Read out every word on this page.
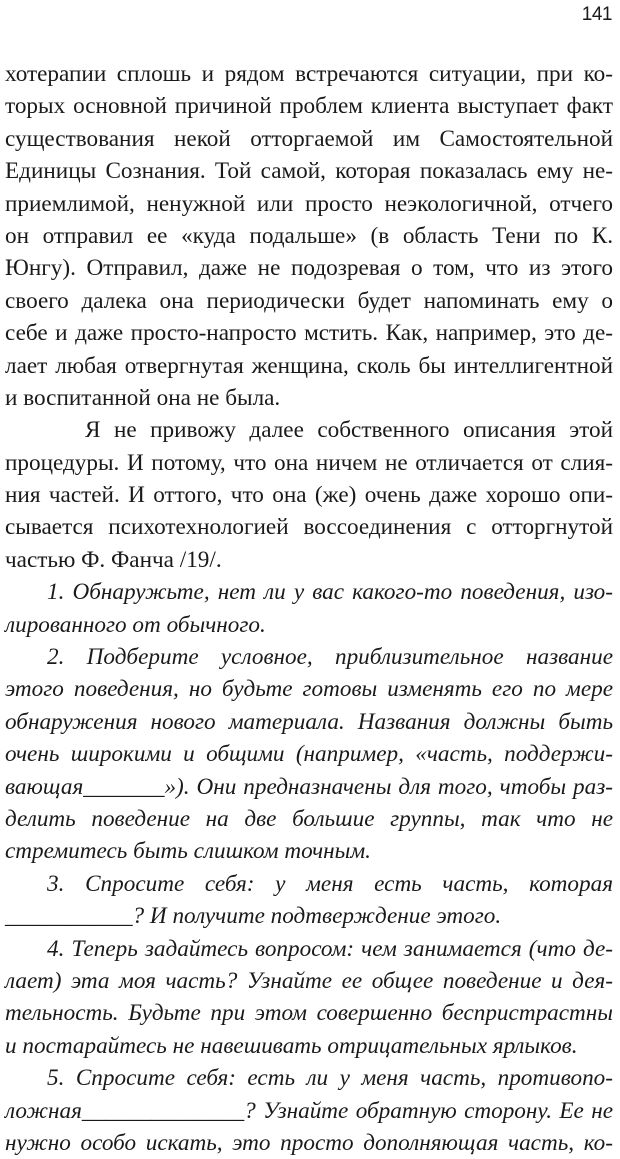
141
хотерапии сплошь и рядом встречаются ситуации, при ко-
торых основной причиной проблем клиента выступает факт
существования некой отторгаемой им Самостоятельной
Единицы Сознания. Той самой, которая показалась ему не-
приемлимой, ненужной или просто неэкологичной, отчего
он отправил ее «куда подальше» (в область Тени по К.
Юнгу). Отправил, даже не подозревая о том, что из этого
своего далека она периодически будет напоминать ему о
себе и даже просто-напросто мстить. Как, например, это де-
лает любая отвергнутая женщина, сколь бы интеллигентной
и воспитанной она не была.
Я не привожу далее собственного описания этой
процедуры. И потому, что она ничем не отличается от слия-
ния частей. И оттого, что она (же) очень даже хорошо опи-
сывается психотехнологией воссоединения с отторгнутой
частью Ф. Фанча /19/.
1. Обнаружьте, нет ли у вас какого-то поведения, изо-
лированного от обычного.
2. Подберите условное, приблизительное название
этого поведения, но будьте готовы изменять его по мере
обнаружения нового материала. Названия должны быть
очень широкими и общими (например, «часть, поддержи-
вающая_______»). Они предназначены для того, чтобы раз-
делить поведение на две большие группы, так что не
стремитесь быть слишком точным.
3. Спросите себя: у меня есть часть, которая
___________? И получите подтверждение этого.
4. Теперь задайтесь вопросом: чем занимается (что де-
лает) эта моя часть? Узнайте ее общее поведение и дея-
тельность. Будьте при этом совершенно беспристрастны
и постарайтесь не навешивать отрицательных ярлыков.
5. Спросите себя: есть ли у меня часть, противопо-
ложная______________? Узнайте обратную сторону. Ее не
нужно особо искать, это просто дополняющая часть, ко-
